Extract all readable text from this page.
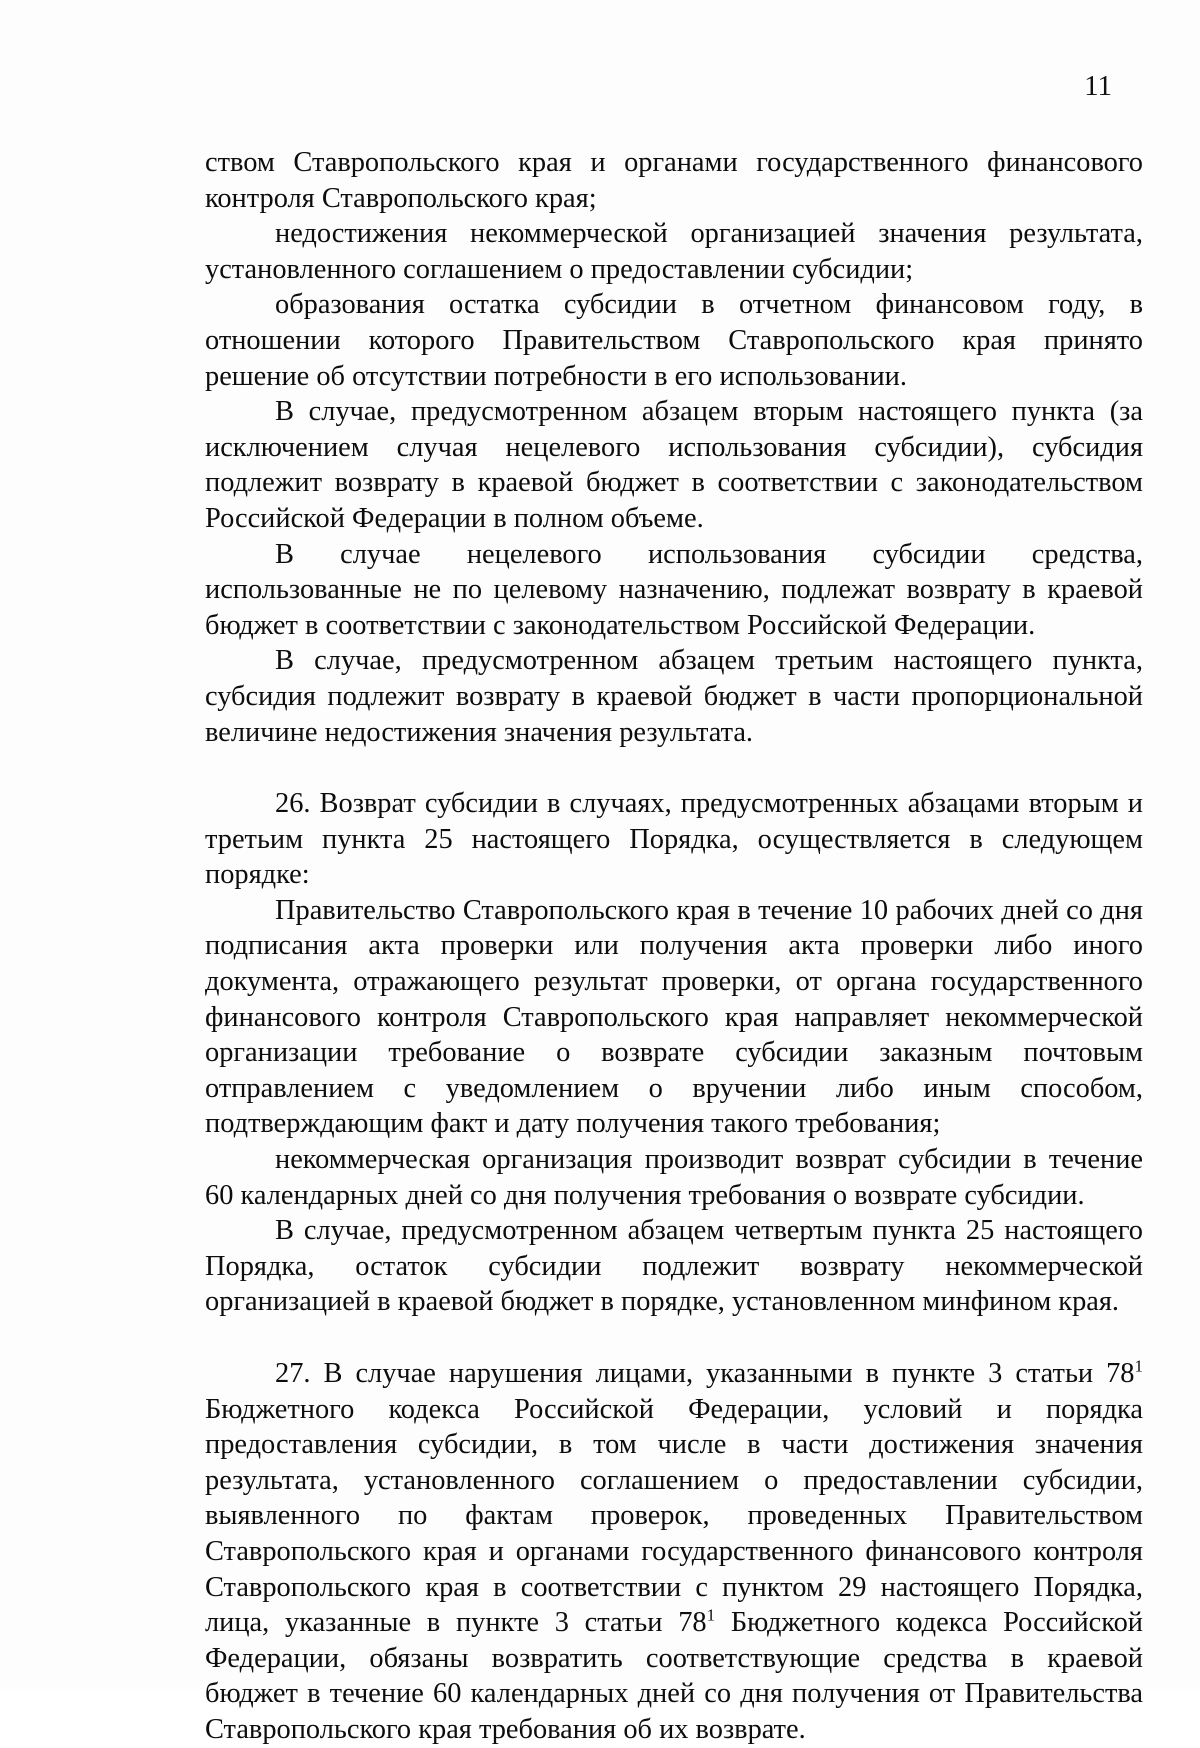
11

ством Ставропольского края и органами государственного финансового контроля Ставропольского края;

недостижения некоммерческой организацией значения результата, установленного соглашением о предоставлении субсидии;

образования остатка субсидии в отчетном финансовом году, в отношении которого Правительством Ставропольского края принято решение об отсутствии потребности в его использовании.

В случае, предусмотренном абзацем вторым настоящего пункта (за исключением случая нецелевого использования субсидии), субсидия подлежит возврату в краевой бюджет в соответствии с законодательством Российской Федерации в полном объеме.

В случае нецелевого использования субсидии средства, использованные не по целевому назначению, подлежат возврату в краевой бюджет в соответствии с законодательством Российской Федерации.

В случае, предусмотренном абзацем третьим настоящего пункта, субсидия подлежит возврату в краевой бюджет в части пропорциональной величине недостижения значения результата.

26. Возврат субсидии в случаях, предусмотренных абзацами вторым и третьим пункта 25 настоящего Порядка, осуществляется в следующем порядке:

Правительство Ставропольского края в течение 10 рабочих дней со дня подписания акта проверки или получения акта проверки либо иного документа, отражающего результат проверки, от органа государственного финансового контроля Ставропольского края направляет некоммерческой организации требование о возврате субсидии заказным почтовым отправлением с уведомлением о вручении либо иным способом, подтверждающим факт и дату получения такого требования;

некоммерческая организация производит возврат субсидии в течение 60 календарных дней со дня получения требования о возврате субсидии.

В случае, предусмотренном абзацем четвертым пункта 25 настоящего Порядка, остаток субсидии подлежит возврату некоммерческой организацией в краевой бюджет в порядке, установленном минфином края.

27. В случае нарушения лицами, указанными в пункте 3 статьи $78^1$ Бюджетного кодекса Российской Федерации, условий и порядка предоставления субсидии, в том числе в части достижения значения результата, установленного соглашением о предоставлении субсидии, выявленного по фактам проверок, проведенных Правительством Ставропольского края и органами государственного финансового контроля Ставропольского края в соответствии с пунктом 29 настоящего Порядка, лица, указанные в пункте 3 статьи $78^1$ Бюджетного кодекса Российской Федерации, обязаны возвратить соответствующие средства в краевой бюджет в течение 60 календарных дней со дня получения от Правительства Ставропольского края требования об их возврате.
